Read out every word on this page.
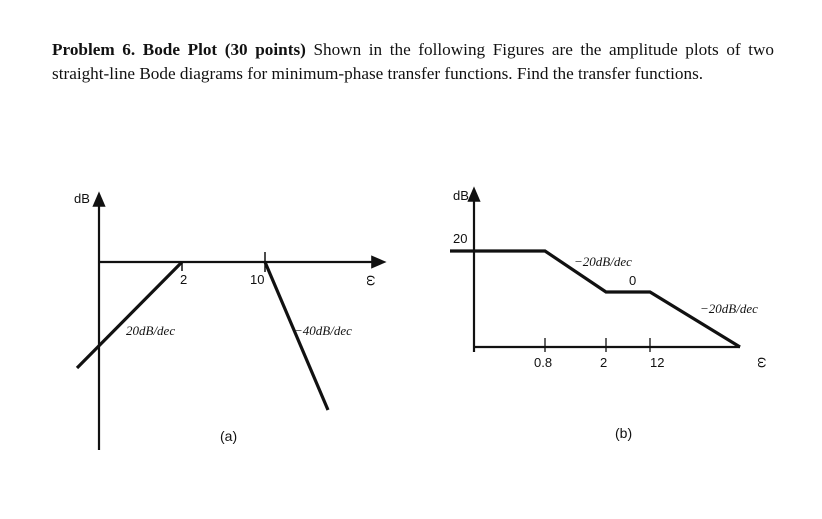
Problem 6. Bode Plot (30 points) Shown in the following Figures are the amplitude plots of two straight-line Bode diagrams for minimum-phase transfer functions. Find the transfer functions.
dB
ω
2	10
20dB/dec	−40dB/dec
(a)
dB
ω
20
0.8	2	12
−20dB/dec
0
−20dB/dec
(b)
